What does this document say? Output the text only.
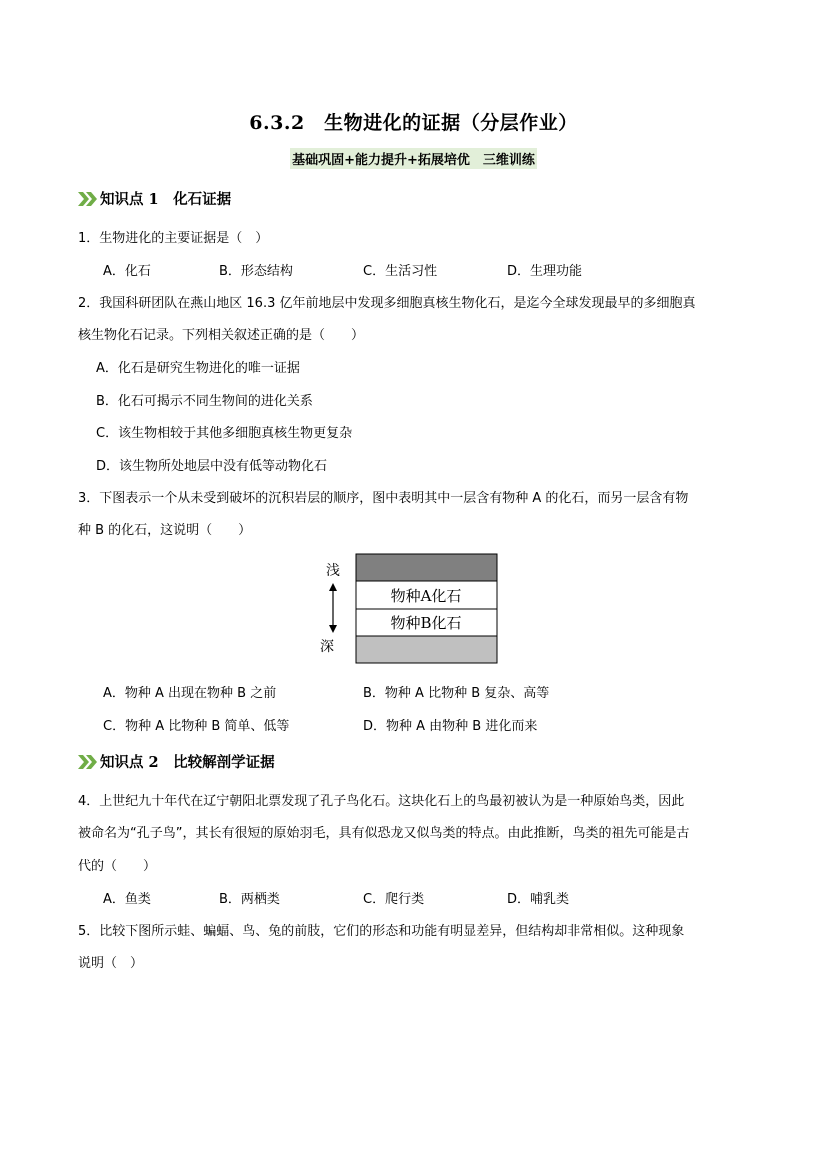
6.3.2　生物进化的证据（分层作业）
基础巩固+能力提升+拓展培优　三维训练
知识点 1　化石证据
1．生物进化的主要证据是（　）
A．化石	B．形态结构	C．生活习性	D．生理功能
2．我国科研团队在燕山地区 16.3 亿年前地层中发现多细胞真核生物化石，是迄今全球发现最早的多细胞真
核生物化石记录。下列相关叙述正确的是（　　）
A．化石是研究生物进化的唯一证据
B．化石可揭示不同生物间的进化关系
C．该生物相较于其他多细胞真核生物更复杂
D．该生物所处地层中没有低等动物化石
3．下图表示一个从未受到破坏的沉积岩层的顺序，图中表明其中一层含有物种 A 的化石，而另一层含有物
种 B 的化石，这说明（　　）
浅
深
物种A化石
物种B化石
A．物种 A 出现在物种 B 之前	B．物种 A 比物种 B 复杂、高等
C．物种 A 比物种 B 简单、低等	D．物种 A 由物种 B 进化而来
知识点 2　比较解剖学证据
4．上世纪九十年代在辽宁朝阳北票发现了孔子鸟化石。这块化石上的鸟最初被认为是一种原始鸟类，因此
被命名为“孔子鸟”，其长有很短的原始羽毛，具有似恐龙又似鸟类的特点。由此推断，鸟类的祖先可能是古
代的（　　）
A．鱼类	B．两栖类	C．爬行类	D．哺乳类
5．比较下图所示蛙、蝙蝠、鸟、兔的前肢，它们的形态和功能有明显差异，但结构却非常相似。这种现象
说明（　）
